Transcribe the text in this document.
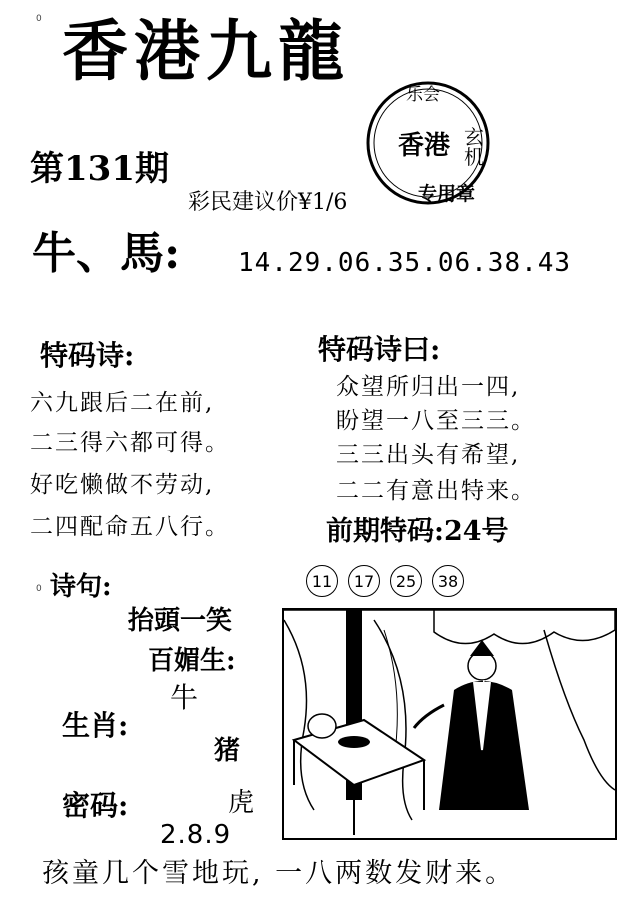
0
0
香港九龍
乐会
香港
专用章
玄机
第131期
彩民建议价¥1/6
牛、馬: 14.29.06.35.06.38.43
特码诗:
六九跟后二在前,
二三得六都可得。
好吃懒做不劳动,
二四配命五八行。
特码诗曰:
众望所归出一四,
盼望一八至三三。
三三出头有希望,
二二有意出特来。
前期特码:24号
11	17	25	38
诗句:
抬頭一笑
百媚生:
牛
生肖:
猪
密码:	虎
2.8.9
孩童几个雪地玩, 一八两数发财来。
